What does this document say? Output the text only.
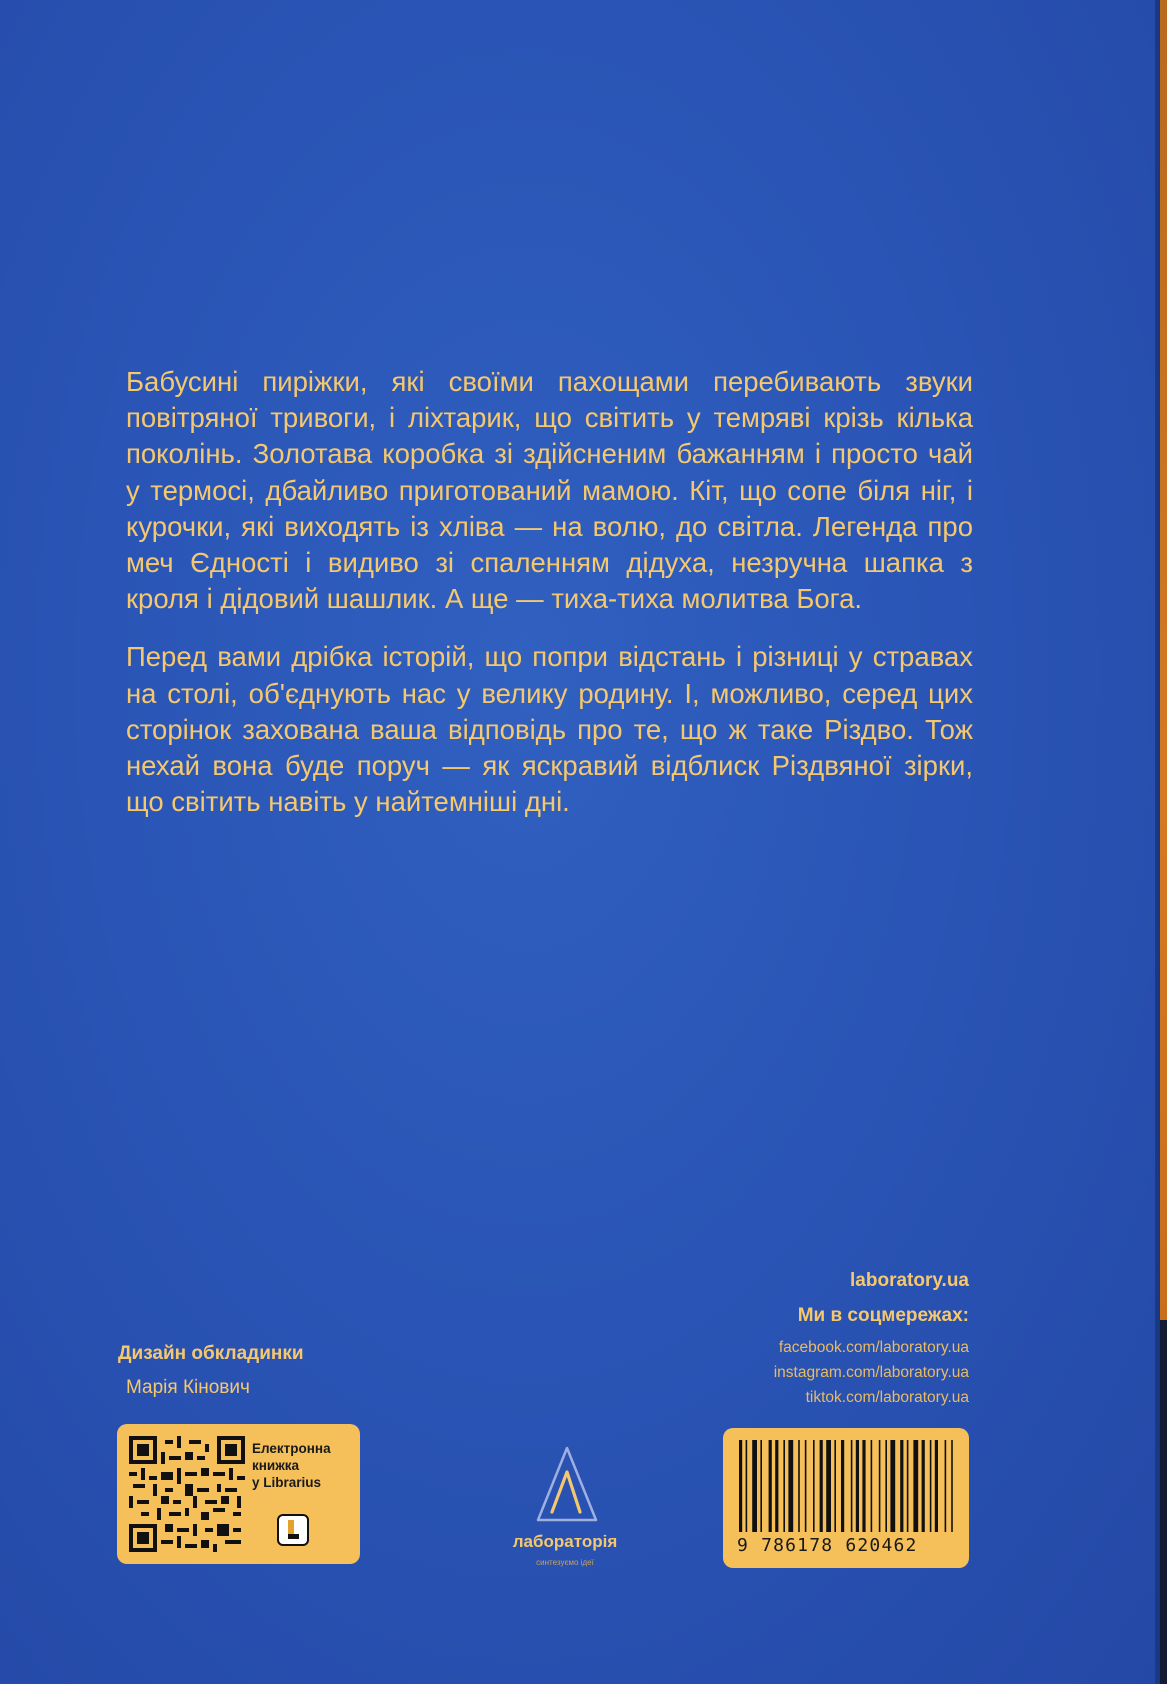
Бабусині пиріжки, які своїми пахощами перебивають звуки повітряної тривоги, і ліхтарик, що світить у темряві крізь кілька поколінь. Золотава коробка зі здійсненим бажанням і просто чай у термосі, дбайливо приготований мамою. Кіт, що сопе біля ніг, і курочки, які виходять із хліва — на волю, до світла. Легенда про меч Єдності і видиво зі спаленням дідуха, незручна шапка з кроля і дідовий шашлик. А ще — тиха-тиха молитва Бога.

Перед вами дрібка історій, що попри відстань і різниці у стравах на столі, об'єднують нас у велику родину. І, можливо, серед цих сторінок захована ваша відповідь про те, що ж таке Різдво. Тож нехай вона буде поруч — як яскравий відблиск Різдвяної зірки, що світить навіть у найтемніші дні.

laboratory.ua
Ми в соцмережах:
facebook.com/laboratory.ua
instagram.com/laboratory.ua
tiktok.com/laboratory.ua
Дизайн обкладинки
Марія Кінович
Електронна
книжка
у Librarius
лабораторія
синтезуємо ідеї
9 786178 620462
